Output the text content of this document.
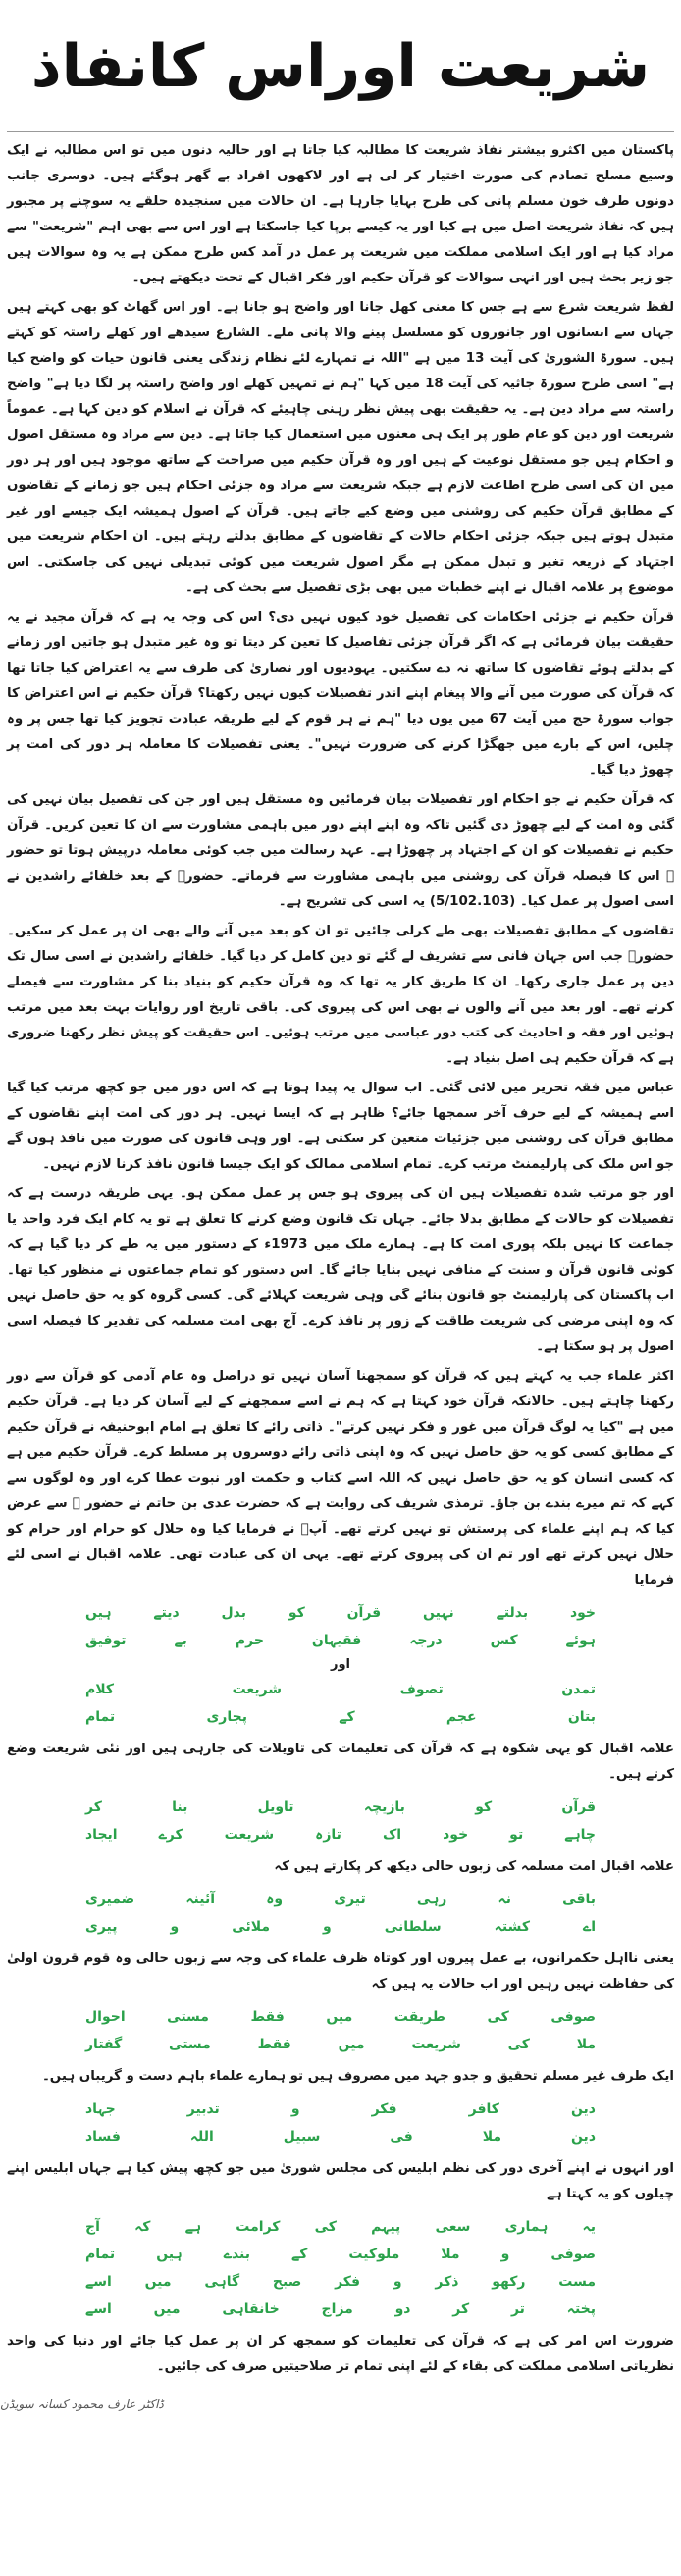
شریعت اوراس کانفاذ

پاکستان میں اکثرو بیشتر نفاذ شریعت کا مطالبہ کیا جاتا ہے اور حالیہ دنوں میں تو اس مطالبہ نے ایک وسیع مسلح تصادم کی صورت اختیار کر لی ہے اور لاکھوں افراد بے گھر ہوگئے ہیں۔ دوسری جانب دونوں طرف خون مسلم پانی کی طرح بہایا جارہا ہے۔ ان حالات میں سنجیدہ حلقے یہ سوچنے پر مجبور ہیں کہ نفاذ شریعت اصل میں ہے کیا اور یہ کیسے برپا کیا جاسکتا ہے اور اس سے بھی اہم "شریعت" سے مراد کیا ہے اور ایک اسلامی مملکت میں شریعت پر عمل در آمد کس طرح ممکن ہے یہ وہ سوالات ہیں جو زیر بحث ہیں اور انہی سوالات کو قرآن حکیم اور فکر اقبال کے تحت دیکھتے ہیں۔

لفظ شریعت شرع سے ہے جس کا معنی کھل جانا اور واضح ہو جانا ہے۔ اور اس گھاٹ کو بھی کہتے ہیں جہاں سے انسانوں اور جانوروں کو مسلسل پینے والا پانی ملے۔ الشارع سیدھے اور کھلے راستہ کو کہتے ہیں۔ سورۃ الشوریٰ کی آیت 13 میں ہے "اللہ نے تمہارے لئے نظام زندگی یعنی قانون حیات کو واضح کیا ہے" اسی طرح سورۃ جاثیہ کی آیت 18 میں کہا "ہم نے تمہیں کھلے اور واضح راستہ پر لگا دیا ہے" واضح راستہ سے مراد دین ہے۔ یہ حقیقت بھی پیش نظر رہنی چاہیئے کہ قرآن نے اسلام کو دین کہا ہے۔ عموماً شریعت اور دین کو عام طور پر ایک ہی معنوں میں استعمال کیا جاتا ہے۔ دین سے مراد وہ مستقل اصول و احکام ہیں جو مستقل نوعیت کے ہیں اور وہ قرآن حکیم میں صراحت کے ساتھ موجود ہیں اور ہر دور میں ان کی اسی طرح اطاعت لازم ہے جبکہ شریعت سے مراد وہ جزئی احکام ہیں جو زمانے کے تقاضوں کے مطابق قرآن حکیم کی روشنی میں وضع کیے جاتے ہیں۔ قرآن کے اصول ہمیشہ ایک جیسے اور غیر متبدل ہوتے ہیں جبکہ جزئی احکام حالات کے تقاضوں کے مطابق بدلتے رہتے ہیں۔ ان احکام شریعت میں اجتہاد کے ذریعہ تغیر و تبدل ممکن ہے مگر اصول شریعت میں کوئی تبدیلی نہیں کی جاسکتی۔ اس موضوع پر علامہ اقبال نے اپنے خطبات میں بھی بڑی تفصیل سے بحث کی ہے۔

قرآن حکیم نے جزئی احکامات کی تفصیل خود کیوں نہیں دی؟ اس کی وجہ یہ ہے کہ قرآن مجید نے یہ حقیقت بیان فرمائی ہے کہ اگر قرآن جزئی تفاصیل کا تعین کر دیتا تو وہ غیر متبدل ہو جاتیں اور زمانے کے بدلتے ہوئے تقاضوں کا ساتھ نہ دے سکتیں۔ یہودیوں اور نصاریٰ کی طرف سے یہ اعتراض کیا جاتا تھا کہ قرآن کی صورت میں آنے والا پیغام اپنے اندر تفصیلات کیوں نہیں رکھتا؟ قرآن حکیم نے اس اعتراض کا جواب سورۃ حج میں آیت 67 میں یوں دیا "ہم نے ہر قوم کے لیے طریقہ عبادت تجویز کیا تھا جس پر وہ چلیں، اس کے بارے میں جھگڑا کرنے کی ضرورت نہیں"۔ یعنی تفصیلات کا معاملہ ہر دور کی امت پر چھوڑ دیا گیا۔

کہ قرآن حکیم نے جو احکام اور تفصیلات بیان فرمائیں وہ مستقل ہیں اور جن کی تفصیل بیان نہیں کی گئی وہ امت کے لیے چھوڑ دی گئیں تاکہ وہ اپنے اپنے دور میں باہمی مشاورت سے ان کا تعین کریں۔ قرآن حکیم نے تفصیلات کو ان کے اجتہاد پر چھوڑا ہے۔ عہد رسالت میں جب کوئی معاملہ درپیش ہوتا تو حضور ﷺ اس کا فیصلہ قرآن کی روشنی میں باہمی مشاورت سے فرماتے۔ حضورؐ کے بعد خلفائے راشدین نے اسی اصول پر عمل کیا۔ (5/102.103) یہ اسی کی تشریح ہے۔

تقاضوں کے مطابق تفصیلات بھی طے کرلی جائیں تو ان کو بعد میں آنے والے بھی ان پر عمل کر سکیں۔ حضورؐ جب اس جہان فانی سے تشریف لے گئے تو دین کامل کر دیا گیا۔ خلفائے راشدین نے اسی سال تک دین پر عمل جاری رکھا۔ ان کا طریق کار یہ تھا کہ وہ قرآن حکیم کو بنیاد بنا کر مشاورت سے فیصلے کرتے تھے۔ اور بعد میں آنے والوں نے بھی اس کی پیروی کی۔ باقی تاریخ اور روایات بہت بعد میں مرتب ہوئیں اور فقہ و احادیث کی کتب دور عباسی میں مرتب ہوئیں۔ اس حقیقت کو پیش نظر رکھنا ضروری ہے کہ قرآن حکیم ہی اصل بنیاد ہے۔

عباس میں فقہ تحریر میں لائی گئی۔ اب سوال یہ پیدا ہوتا ہے کہ اس دور میں جو کچھ مرتب کیا گیا اسے ہمیشہ کے لیے حرف آخر سمجھا جائے؟ ظاہر ہے کہ ایسا نہیں۔ ہر دور کی امت اپنے تقاضوں کے مطابق قرآن کی روشنی میں جزئیات متعین کر سکتی ہے۔ اور وہی قانون کی صورت میں نافذ ہوں گے جو اس ملک کی پارلیمنٹ مرتب کرے۔ تمام اسلامی ممالک کو ایک جیسا قانون نافذ کرنا لازم نہیں۔

اور جو مرتب شدہ تفصیلات ہیں ان کی پیروی ہو جس پر عمل ممکن ہو۔ یہی طریقہ درست ہے کہ تفصیلات کو حالات کے مطابق بدلا جائے۔ جہاں تک قانون وضع کرنے کا تعلق ہے تو یہ کام ایک فرد واحد یا جماعت کا نہیں بلکہ پوری امت کا ہے۔ ہمارے ملک میں 1973ء کے دستور میں یہ طے کر دیا گیا ہے کہ کوئی قانون قرآن و سنت کے منافی نہیں بنایا جائے گا۔ اس دستور کو تمام جماعتوں نے منظور کیا تھا۔ اب پاکستان کی پارلیمنٹ جو قانون بنائے گی وہی شریعت کہلائے گی۔ کسی گروہ کو یہ حق حاصل نہیں کہ وہ اپنی مرضی کی شریعت طاقت کے زور پر نافذ کرے۔ آج بھی امت مسلمہ کی تقدیر کا فیصلہ اسی اصول پر ہو سکتا ہے۔

اکثر علماء جب یہ کہتے ہیں کہ قرآن کو سمجھنا آسان نہیں تو دراصل وہ عام آدمی کو قرآن سے دور رکھنا چاہتے ہیں۔ حالانکہ قرآن خود کہتا ہے کہ ہم نے اسے سمجھنے کے لیے آسان کر دیا ہے۔ قرآن حکیم میں ہے "کیا یہ لوگ قرآن میں غور و فکر نہیں کرتے"۔ ذاتی رائے کا تعلق ہے امام ابوحنیفہ نے قرآن حکیم کے مطابق کسی کو یہ حق حاصل نہیں کہ وہ اپنی ذاتی رائے دوسروں پر مسلط کرے۔ قرآن حکیم میں ہے کہ کسی انسان کو یہ حق حاصل نہیں کہ اللہ اسے کتاب و حکمت اور نبوت عطا کرے اور وہ لوگوں سے کہے کہ تم میرے بندے بن جاؤ۔ ترمذی شریف کی روایت ہے کہ حضرت عدی بن حاتم نے حضور ﷺ سے عرض کیا کہ ہم اپنے علماء کی پرستش تو نہیں کرتے تھے۔ آپؐ نے فرمایا کیا وہ حلال کو حرام اور حرام کو حلال نہیں کرتے تھے اور تم ان کی پیروی کرتے تھے۔ یہی ان کی عبادت تھی۔ علامہ اقبال نے اسی لئے فرمایا

خود بدلتے نہیں قرآن کو بدل دیتے ہیں
ہوئے کس درجہ فقیہان حرم بے توفیق
اور
تمدن تصوف شریعت کلام
بتان عجم کے پجاری تمام

علامہ اقبال کو یہی شکوہ ہے کہ قرآن کی تعلیمات کی تاویلات کی جارہی ہیں اور نئی شریعت وضع کرتے ہیں۔

قرآن کو بازیچہ تاویل بنا کر
چاہے تو خود اک تازہ شریعت کرے ایجاد

علامہ اقبال امت مسلمہ کی زبوں حالی دیکھ کر پکارتے ہیں کہ

باقی نہ رہی تیری وہ آئینہ ضمیری
اے کشتہ سلطانی و ملائی و پیری

یعنی نااہل حکمرانوں، بے عمل پیروں اور کوتاہ ظرف علماء کی وجہ سے زبوں حالی وہ قوم قرون اولیٰ کی حفاظت نہیں رہیں اور اب حالات یہ ہیں کہ

صوفی کی طریقت میں فقط مستی احوال
ملا کی شریعت میں فقط مستی گفتار

ایک طرف غیر مسلم تحقیق و جدو جہد میں مصروف ہیں تو ہمارے علماء باہم دست و گریباں ہیں۔

دین کافر فکر و تدبیر جہاد
دین ملا فی سبیل اللہ فساد

اور انہوں نے اپنے آخری دور کی نظم ابلیس کی مجلس شوریٰ میں جو کچھ پیش کیا ہے جہاں ابلیس اپنے چیلوں کو یہ کہتا ہے

یہ ہماری سعی پیہم کی کرامت ہے کہ آج
صوفی و ملا ملوکیت کے بندے ہیں تمام
مست رکھو ذکر و فکر صبح گاہی میں اسے
پختہ تر کر دو مزاج خانقاہی میں اسے

ضرورت اس امر کی ہے کہ قرآن کی تعلیمات کو سمجھ کر ان پر عمل کیا جائے اور دنیا کی واحد نظریاتی اسلامی مملکت کی بقاء کے لئے اپنی تمام تر صلاحیتیں صرف کی جائیں۔

ڈاکٹر عارف محمود کسانہ سویڈن
